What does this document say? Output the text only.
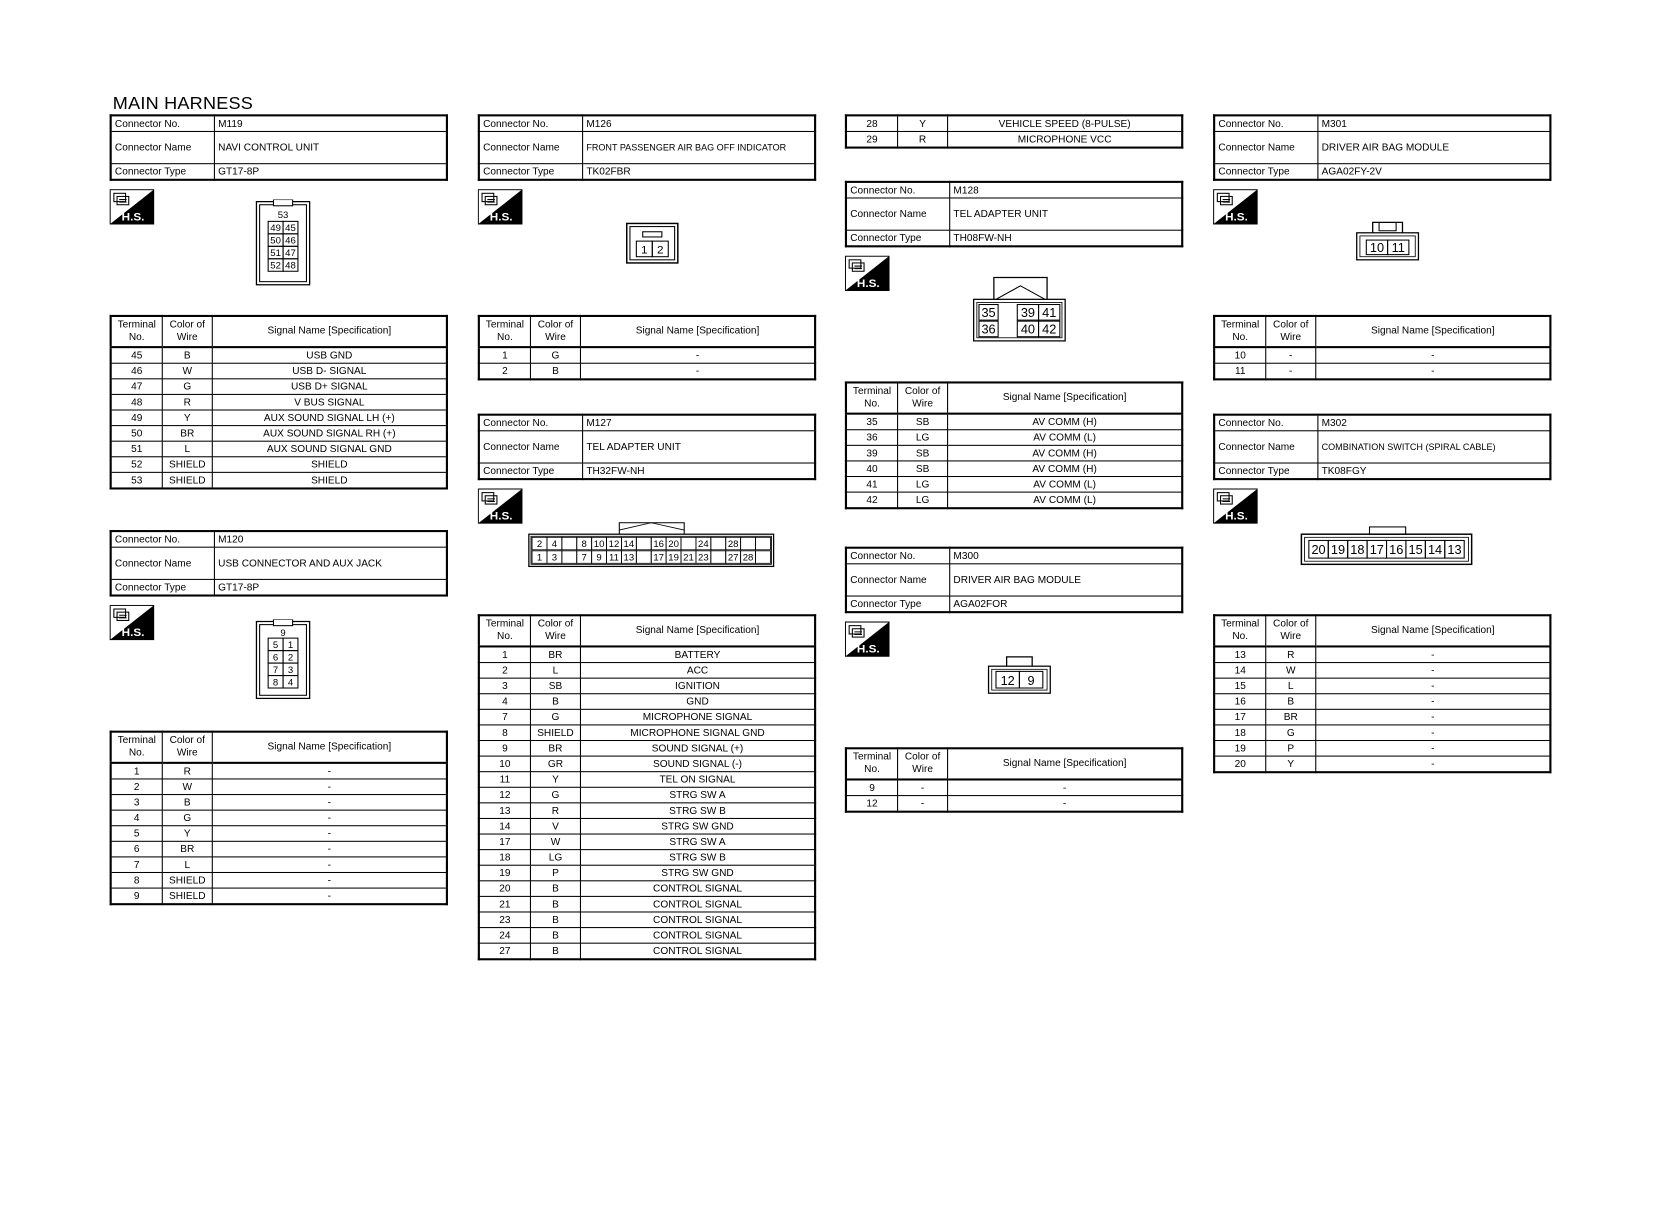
MAIN HARNESS
Connector No.	M119
Connector Name	NAVI CONTROL UNIT
Connector Type	GT17-8P
H.S.	53
49 45
50 46
51 47
52 48
Terminal No.	Color of Wire	Signal Name [Specification]
45	B	USB GND
46	W	USB D- SIGNAL
47	G	USB D+ SIGNAL
48	R	V BUS SIGNAL
49	Y	AUX SOUND SIGNAL LH (+)
50	BR	AUX SOUND SIGNAL RH (+)
51	L	AUX SOUND SIGNAL GND
52	SHIELD	SHIELD
53	SHIELD	SHIELD
Connector No.	M120
Connector Name	USB CONNECTOR AND AUX JACK
Connector Type	GT17-8P
H.S.	9
5 1
6 2
7 3
8 4
Terminal No.	Color of Wire	Signal Name [Specification]
1	R	-
2	W	-
3	B	-
4	G	-
5	Y	-
6	BR	-
7	L	-
8	SHIELD	-
9	SHIELD	-
Connector No.	M126
Connector Name	FRONT PASSENGER AIR BAG OFF INDICATOR
Connector Type	TK02FBR
H.S.
1 2
Terminal No.	Color of Wire	Signal Name [Specification]
1	G	-
2	B	-
Connector No.	M127
Connector Name	TEL ADAPTER UNIT
Connector Type	TH32FW-NH
H.S.
2 4	8 10 12 14 16 20 24 28
1 3	7 9 11 13 17 19 21 23 27 28
Terminal No.	Color of Wire	Signal Name [Specification]
1	BR	BATTERY
2	L	ACC
3	SB	IGNITION
4	B	GND
7	G	MICROPHONE SIGNAL
8	SHIELD	MICROPHONE SIGNAL GND
9	BR	SOUND SIGNAL (+)
10	GR	SOUND SIGNAL (-)
11	Y	TEL ON SIGNAL
12	G	STRG SW A
13	R	STRG SW B
14	V	STRG SW GND
17	W	STRG SW A
18	LG	STRG SW B
19	P	STRG SW GND
20	B	CONTROL SIGNAL
21	B	CONTROL SIGNAL
23	B	CONTROL SIGNAL
24	B	CONTROL SIGNAL
27	B	CONTROL SIGNAL
28	Y	VEHICLE SPEED (8-PULSE)
29	R	MICROPHONE VCC
Connector No.	M128
Connector Name	TEL ADAPTER UNIT
Connector Type	TH08FW-NH
H.S.
35 39 41
36 40 42
Terminal No.	Color of Wire	Signal Name [Specification]
35	SB	AV COMM (H)
36	LG	AV COMM (L)
39	SB	AV COMM (H)
40	SB	AV COMM (H)
41	LG	AV COMM (L)
42	LG	AV COMM (L)
Connector No.	M300
Connector Name	DRIVER AIR BAG MODULE
Connector Type	AGA02FOR
H.S.
12 9
Terminal No.	Color of Wire	Signal Name [Specification]
9	-	-
12	-	-
Connector No.	M301
Connector Name	DRIVER AIR BAG MODULE
Connector Type	AGA02FY-2V
H.S.
10 11
Terminal No.	Color of Wire	Signal Name [Specification]
10	-	-
11	-	-
Connector No.	M302
Connector Name	COMBINATION SWITCH (SPIRAL CABLE)
Connector Type	TK08FGY
H.S.
20 19 18 17 16 15 14 13
Terminal No.	Color of Wire	Signal Name [Specification]
13	R	-
14	W	-
15	L	-
16	B	-
17	BR	-
18	G	-
19	P	-
20	Y	-
